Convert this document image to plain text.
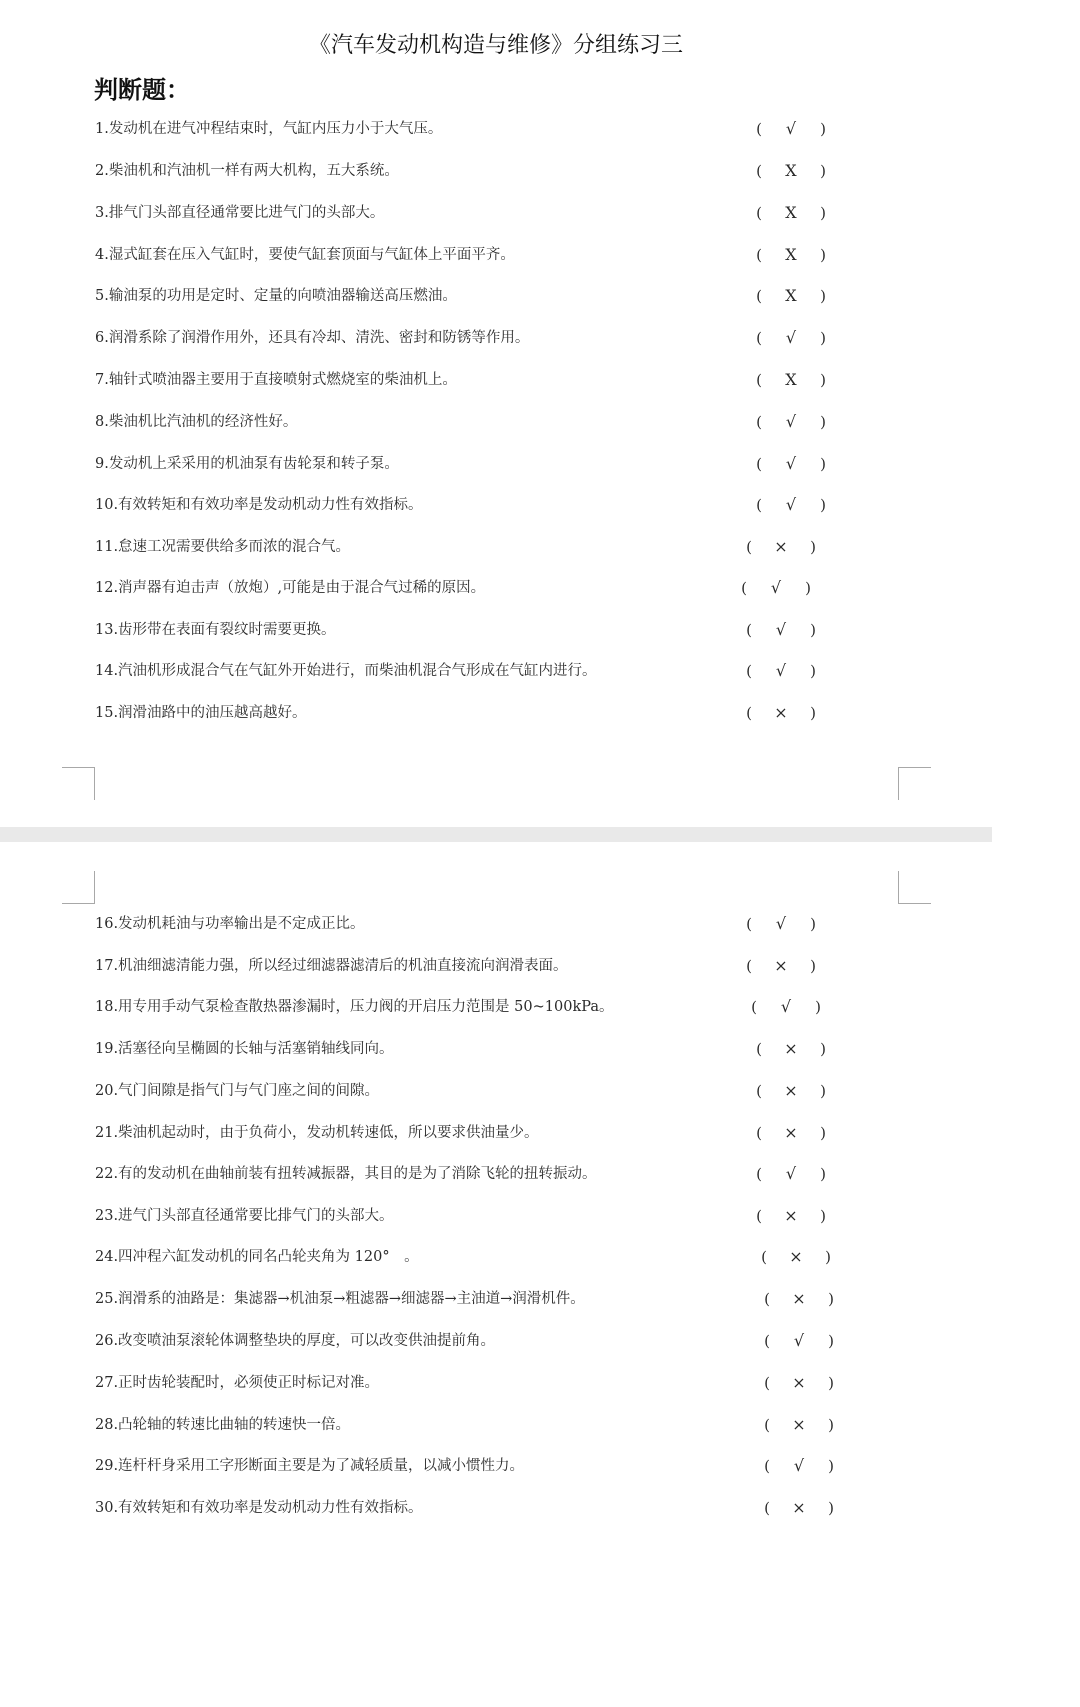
《汽车发动机构造与维修》分组练习三
判断题：
1.发动机在进气冲程结束时，气缸内压力小于大气压。	( √ )
2.柴油机和汽油机一样有两大机构，五大系统。	( X )
3.排气门头部直径通常要比进气门的头部大。	( X )
4.湿式缸套在压入气缸时，要使气缸套顶面与气缸体上平面平齐。	( X )
5.输油泵的功用是定时、定量的向喷油器输送高压燃油。	( X )
6.润滑系除了润滑作用外，还具有冷却、清洗、密封和防锈等作用。	( √ )
7.轴针式喷油器主要用于直接喷射式燃烧室的柴油机上。	( X )
8.柴油机比汽油机的经济性好。	( √ )
9.发动机上采采用的机油泵有齿轮泵和转子泵。	( √ )
10.有效转矩和有效功率是发动机动力性有效指标。	( √ )
11.怠速工况需要供给多而浓的混合气。	( × )
12.消声器有迫击声（放炮）,可能是由于混合气过稀的原因。	( √ )
13.齿形带在表面有裂纹时需要更换。	( √ )
14.汽油机形成混合气在气缸外开始进行，而柴油机混合气形成在气缸内进行。	( √ )
15.润滑油路中的油压越高越好。	( × )
16.发动机耗油与功率输出是不定成正比。	( √ )
17.机油细滤清能力强，所以经过细滤器滤清后的机油直接流向润滑表面。	( × )
18.用专用手动气泵检查散热器渗漏时，压力阀的开启压力范围是 50~100kPa。	( √ )
19.活塞径向呈椭圆的长轴与活塞销轴线同向。	( × )
20.气门间隙是指气门与气门座之间的间隙。	( × )
21.柴油机起动时，由于负荷小，发动机转速低，所以要求供油量少。	( × )
22.有的发动机在曲轴前装有扭转减振器，其目的是为了消除飞轮的扭转振动。	( √ )
23.进气门头部直径通常要比排气门的头部大。	( × )
24.四冲程六缸发动机的同名凸轮夹角为 120°　。	( × )
25.润滑系的油路是：集滤器→机油泵→粗滤器→细滤器→主油道→润滑机件。	( × )
26.改变喷油泵滚轮体调整垫块的厚度，可以改变供油提前角。	( √ )
27.正时齿轮装配时，必须使正时标记对准。	( × )
28.凸轮轴的转速比曲轴的转速快一倍。	( × )
29.连杆杆身采用工字形断面主要是为了减轻质量，以减小惯性力。	( √ )
30.有效转矩和有效功率是发动机动力性有效指标。	( × )
